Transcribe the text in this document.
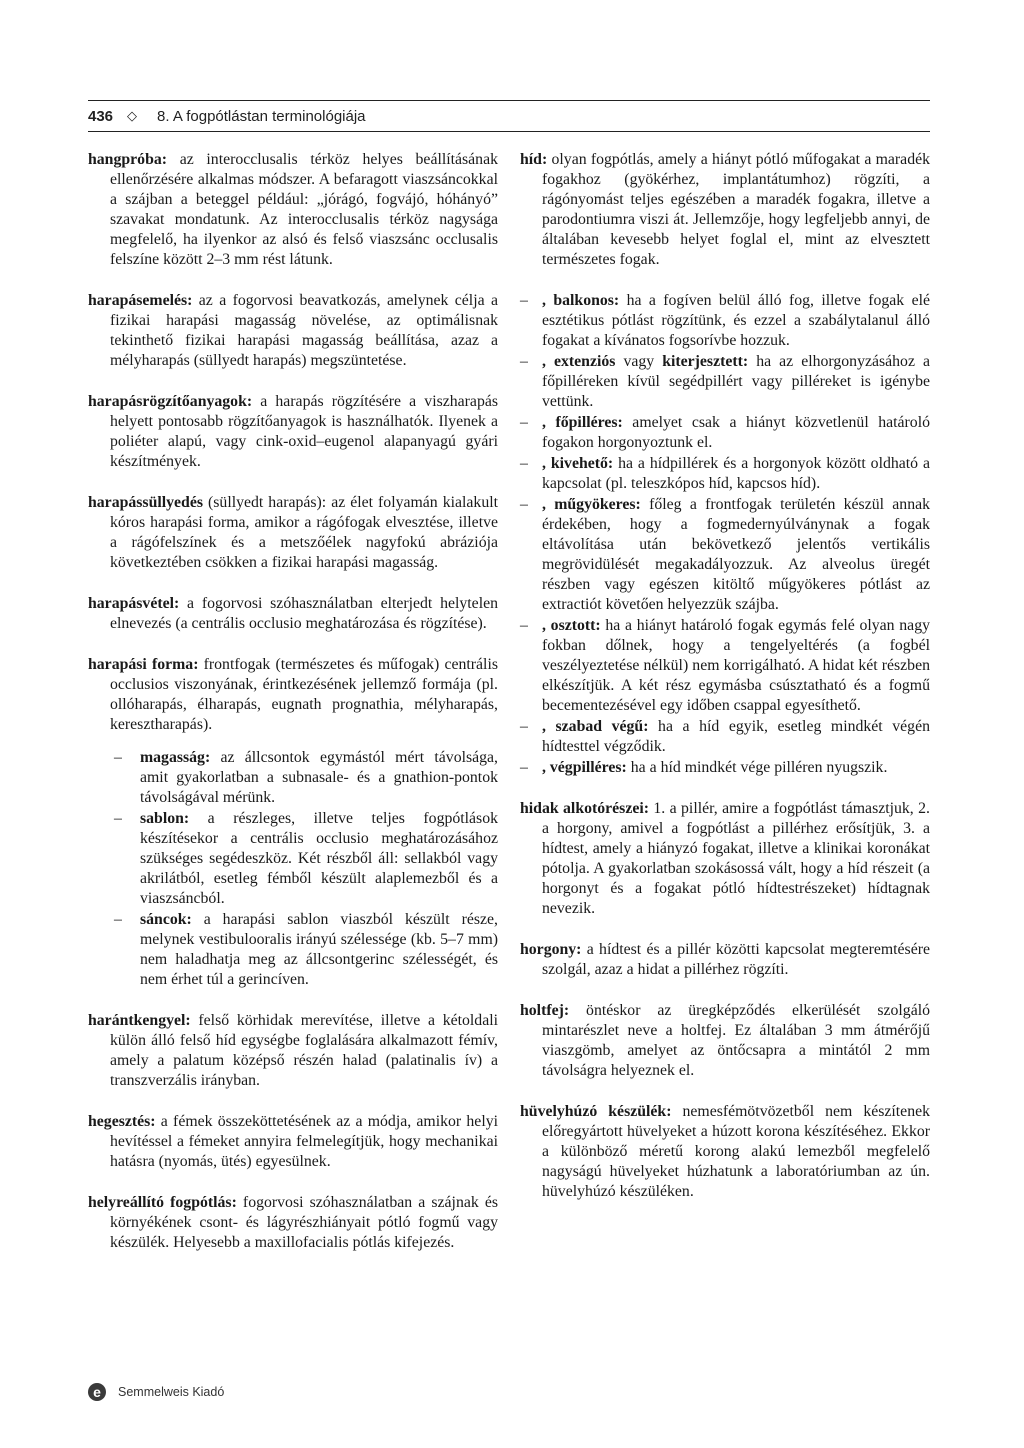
436 ◇ 8. A fogpótlástan terminológiája

hangpróba: az interocclusalis térköz helyes beállításának ellenőrzésére alkalmas módszer. A befaragott viaszsáncokkal a szájban a beteggel például: „jórágó, fogvájó, hóhányó” szavakat mondatunk. Az interocclusalis térköz nagysága megfelelő, ha ilyenkor az alsó és felső viaszsánc occlusalis felszíne között 2–3 mm rést látunk.

harapásemelés: az a fogorvosi beavatkozás, amelynek célja a fizikai harapási magasság növelése, az optimálisnak tekinthető fizikai harapási magasság beállítása, azaz a mélyharapás (süllyedt harapás) megszüntetése.

harapásrögzítőanyagok: a harapás rögzítésére a viszharapás helyett pontosabb rögzítőanyagok is használhatók. Ilyenek a poliéter alapú, vagy cink-oxid–eugenol alapanyagú gyári készítmények.

harapássüllyedés (süllyedt harapás): az élet folyamán kialakult kóros harapási forma, amikor a rágófogak elvesztése, illetve a rágófelszínek és a metszőélek nagyfokú abráziója következtében csökken a fizikai harapási magasság.

harapásvétel: a fogorvosi szóhasználatban elterjedt helytelen elnevezés (a centrális occlusio meghatározása és rögzítése).

harapási forma: frontfogak (természetes és műfogak) centrális occlusios viszonyának, érintkezésének jellemző formája (pl. ollóharapás, élharapás, eugnath prognathia, mélyharapás, keresztharapás).

– magasság: az állcsontok egymástól mért távolsága, amit gyakorlatban a subnasale- és a gnathion-pontok távolságával mérünk.
– sablon: a részleges, illetve teljes fogpótlások készítésekor a centrális occlusio meghatározásához szükséges segédeszköz. Két részből áll: sellakból vagy akrilátból, esetleg fémből készült alaplemezből és a viaszsáncból.
– sáncok: a harapási sablon viaszból készült része, melynek vestibulooralis irányú szélessége (kb. 5–7 mm) nem haladhatja meg az állcsontgerinc szélességét, és nem érhet túl a gerincíven.

harántkengyel: felső körhidak merevítése, illetve a kétoldali külön álló felső híd egységbe foglalására alkalmazott fémív, amely a palatum középső részén halad (palatinalis ív) a transzverzális irányban.

hegesztés: a fémek összeköttetésének az a módja, amikor helyi hevítéssel a fémeket annyira felmelegítjük, hogy mechanikai hatásra (nyomás, ütés) egyesülnek.

helyreállító fogpótlás: fogorvosi szóhasználatban a szájnak és környékének csont- és lágyrészhiányait pótló fogmű vagy készülék. Helyesebb a maxillofacialis pótlás kifejezés.

híd: olyan fogpótlás, amely a hiányt pótló műfogakat a maradék fogakhoz (gyökérhez, implantátumhoz) rögzíti, a rágónyomást teljes egészében a maradék fogakra, illetve a parodontiumra viszi át. Jellemzője, hogy legfeljebb annyi, de általában kevesebb helyet foglal el, mint az elvesztett természetes fogak.

– , balkonos: ha a fogíven belül álló fog, illetve fogak elé esztétikus pótlást rögzítünk, és ezzel a szabálytalanul álló fogakat a kívánatos fogsorívbe hozzuk.
– , extenziós vagy kiterjesztett: ha az elhorgonyzásához a főpilléreken kívül segédpillért vagy pilléreket is igénybe vettünk.
– , főpilléres: amelyet csak a hiányt közvetlenül határoló fogakon horgonyoztunk el.
– , kivehető: ha a hídpillérek és a horgonyok között oldható a kapcsolat (pl. teleszkópos híd, kapcsos híd).
– , műgyökeres: főleg a frontfogak területén készül annak érdekében, hogy a fogmedernyúlványnak a fogak eltávolítása után bekövetkező jelentős vertikális megrövidülését megakadályozzuk. Az alveolus üregét részben vagy egészen kitöltő műgyökeres pótlást az extractiót követően helyezzük szájba.
– , osztott: ha a hiányt határoló fogak egymás felé olyan nagy fokban dőlnek, hogy a tengelyeltérés (a fogbél veszélyeztetése nélkül) nem korrigálható. A hidat két részben elkészítjük. A két rész egymásba csúsztatható és a fogmű becementezésével egy időben csappal egyesíthető.
– , szabad végű: ha a híd egyik, esetleg mindkét végén hídtesttel végződik.
– , végpilléres: ha a híd mindkét vége pilléren nyugszik.

hidak alkotórészei: 1. a pillér, amire a fogpótlást támasztjuk, 2. a horgony, amivel a fogpótlást a pillérhez erősítjük, 3. a hídtest, amely a hiányzó fogakat, illetve a klinikai koronákat pótolja. A gyakorlatban szokásossá vált, hogy a híd részeit (a horgonyt és a fogakat pótló hídtestrészeket) hídtagnak nevezik.

horgony: a hídtest és a pillér közötti kapcsolat megteremtésére szolgál, azaz a hidat a pillérhez rögzíti.

holtfej: öntéskor az üregképződés elkerülését szolgáló mintarészlet neve a holtfej. Ez általában 3 mm átmérőjű viaszgömb, amelyet az öntőcsapra a mintától 2 mm távolságra helyeznek el.

hüvelyhúzó készülék: nemesfémötvözetből nem készítenek előregyártott hüvelyeket a húzott korona készítéséhez. Ekkor a különböző méretű korong alakú lemezből megfelelő nagyságú hüvelyeket húzhatunk a laboratóriumban az ún. hüvelyhúzó készüléken.

e	Semmelweis Kiadó
